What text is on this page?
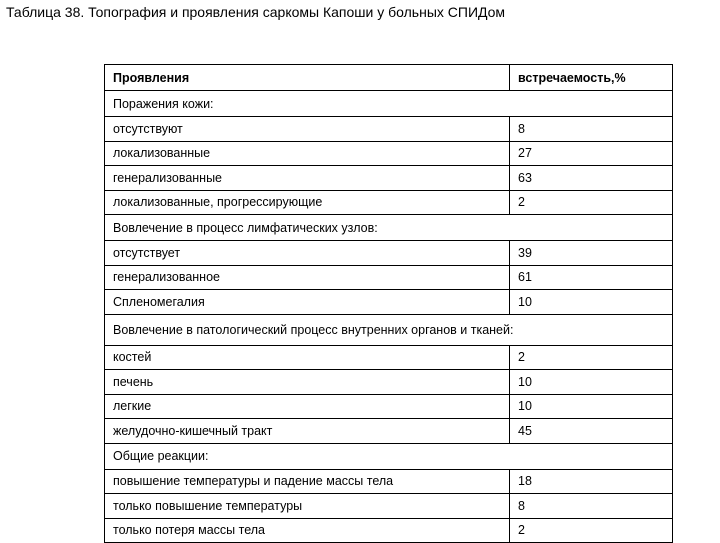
Таблица 38. Топография и проявления саркомы Капоши у больных СПИДом
Проявления	встречаемость,%
Поражения кожи:	
отсутствуют	8
локализованные	27
генерализованные	63
локализованные, прогрессирующие	2
Вовлечение в процесс лимфатических узлов:	
отсутствует	39
генерализованное	61
Спленомегалия	10
Вовлечение в патологический процесс внутренних органов и тканей:	
костей	2
печень	10
легкие	10
желудочно-кишечный тракт	45
Общие реакции:	
повышение температуры и падение массы тела	18
только повышение температуры	8
только потеря массы тела	2
